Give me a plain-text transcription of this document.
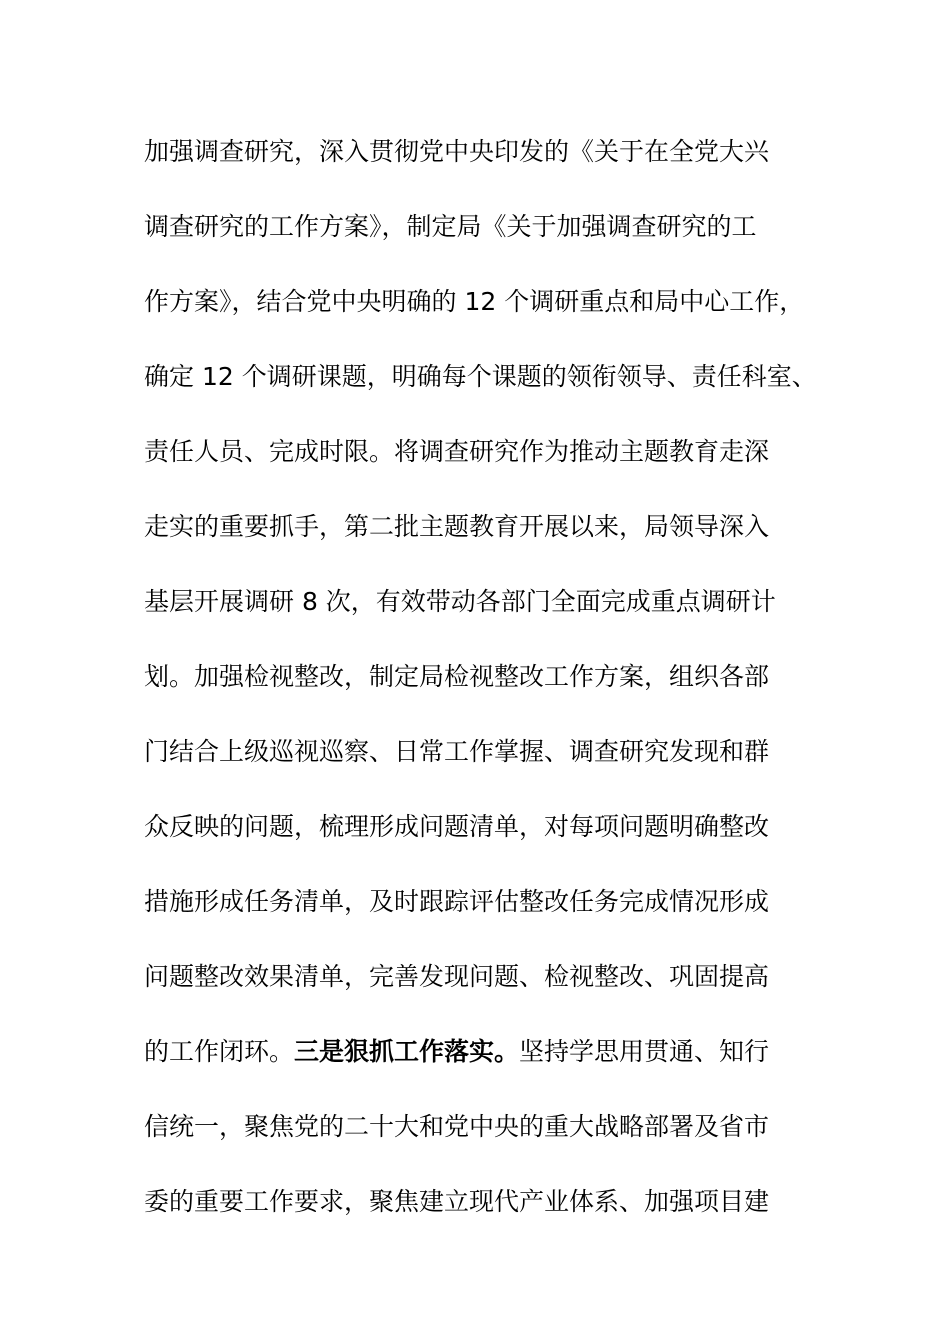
加强调查研究，深入贯彻党中央印发的《关于在全党大兴
调查研究的工作方案》，制定局《关于加强调查研究的工
作方案》，结合党中央明确的 12 个调研重点和局中心工作，
确定 12 个调研课题，明确每个课题的领衔领导、责任科室、
责任人员、完成时限。将调查研究作为推动主题教育走深
走实的重要抓手，第二批主题教育开展以来，局领导深入
基层开展调研 8 次，有效带动各部门全面完成重点调研计
划。加强检视整改，制定局检视整改工作方案，组织各部
门结合上级巡视巡察、日常工作掌握、调查研究发现和群
众反映的问题，梳理形成问题清单，对每项问题明确整改
措施形成任务清单，及时跟踪评估整改任务完成情况形成
问题整改效果清单，完善发现问题、检视整改、巩固提高
的工作闭环。三是狠抓工作落实。坚持学思用贯通、知行
信统一，聚焦党的二十大和党中央的重大战略部署及省市
委的重要工作要求，聚焦建立现代产业体系、加强项目建
